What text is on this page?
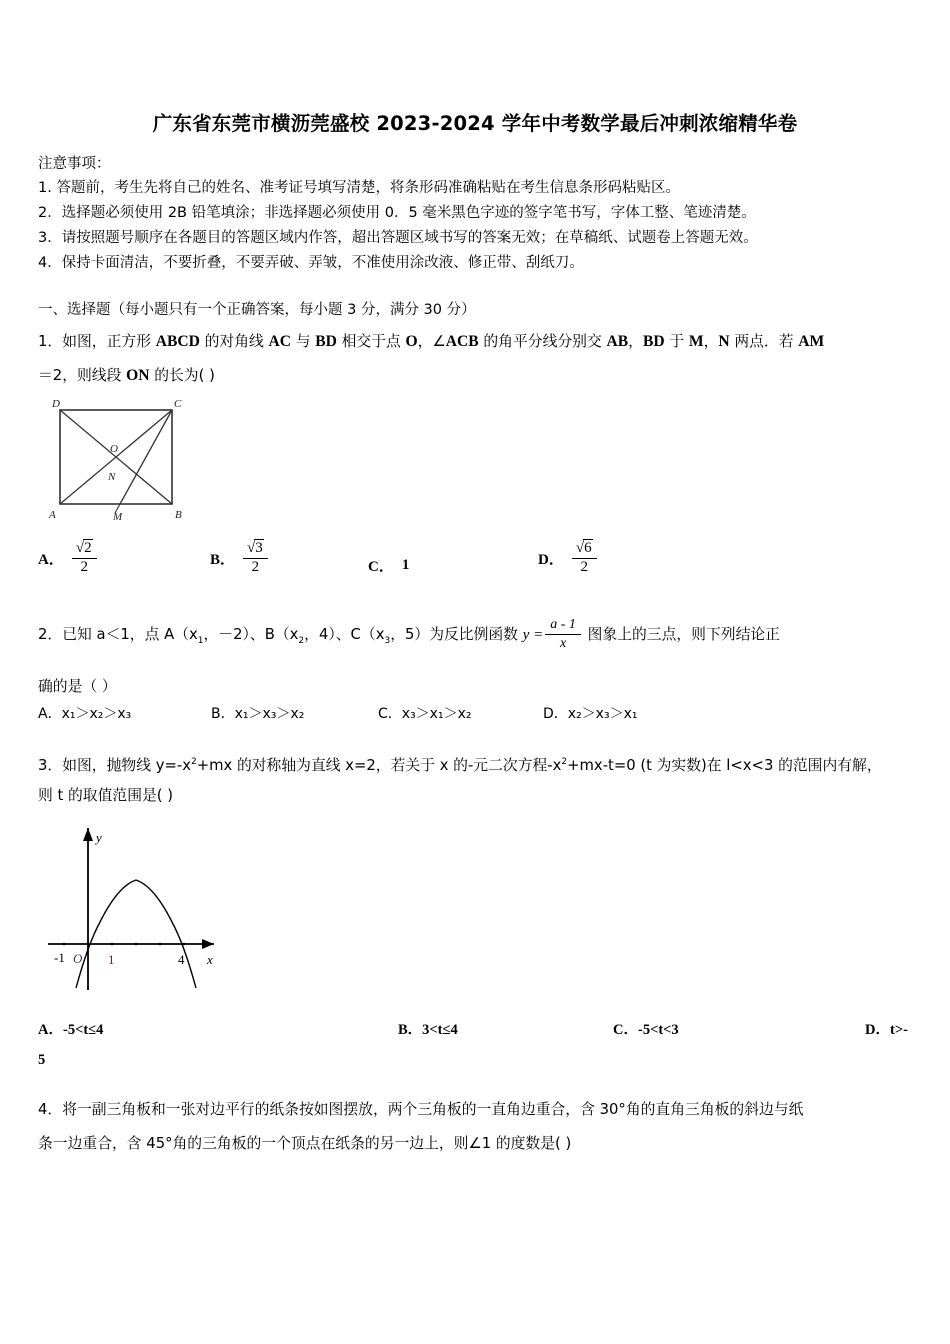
广东省东莞市横沥莞盛校 2023-2024 学年中考数学最后冲刺浓缩精华卷
注意事项：
1. 答题前，考生先将自己的姓名、准考证号填写清楚，将条形码准确粘贴在考生信息条形码粘贴区。
2．选择题必须使用 2B 铅笔填涂；非选择题必须使用 0．5 毫米黑色字迹的签字笔书写，字体工整、笔迹清楚。
3．请按照题号顺序在各题目的答题区域内作答，超出答题区域书写的答案无效；在草稿纸、试题卷上答题无效。
4．保持卡面清洁，不要折叠，不要弄破、弄皱，不准使用涂改液、修正带、刮纸刀。
一、选择题（每小题只有一个正确答案，每小题 3 分，满分 30 分）
1．如图，正方形 ABCD 的对角线 AC 与 BD 相交于点 O，∠ACB 的角平分线分别交 AB，BD 于 M，N 两点．若 AM
＝2，则线段 ON 的长为( )
D	C
A	B
O
N
M
A． $\frac{√2}{2}$	B． $\frac{√3}{2}$	C． 1	D． $\frac{√6}{2}$
2．已知 a＜1，点 $A(x_1$，－2）、$B(x_2$，4）、$C(x_3$，5）为反比例函数 $y = \frac{a - 1}{x}$ 图象上的三点，则下列结论正
确的是（ ）
A．x₁＞x₂＞x₃	B．x₁＞x₃＞x₂	C．x₃＞x₁＞x₂	D．x₂＞x₃＞x₁
3．如图，抛物线 $y=-x^2+mx$ 的对称轴为直线 x=2，若关于 x 的-元二次方程$-x^2+mx-t=0$ (t 为实数)在 l<x<3 的范围内有解，
则 t 的取值范围是( )
-1 O 1	4 x
y
A．-5<t≤4	B．3<t≤4	C．-5<t<3	D．t>-
5
4．将一副三角板和一张对边平行的纸条按如图摆放，两个三角板的一直角边重合，含 30°角的直角三角板的斜边与纸
条一边重合，含 45°角的三角板的一个顶点在纸条的另一边上，则∠1 的度数是( )
